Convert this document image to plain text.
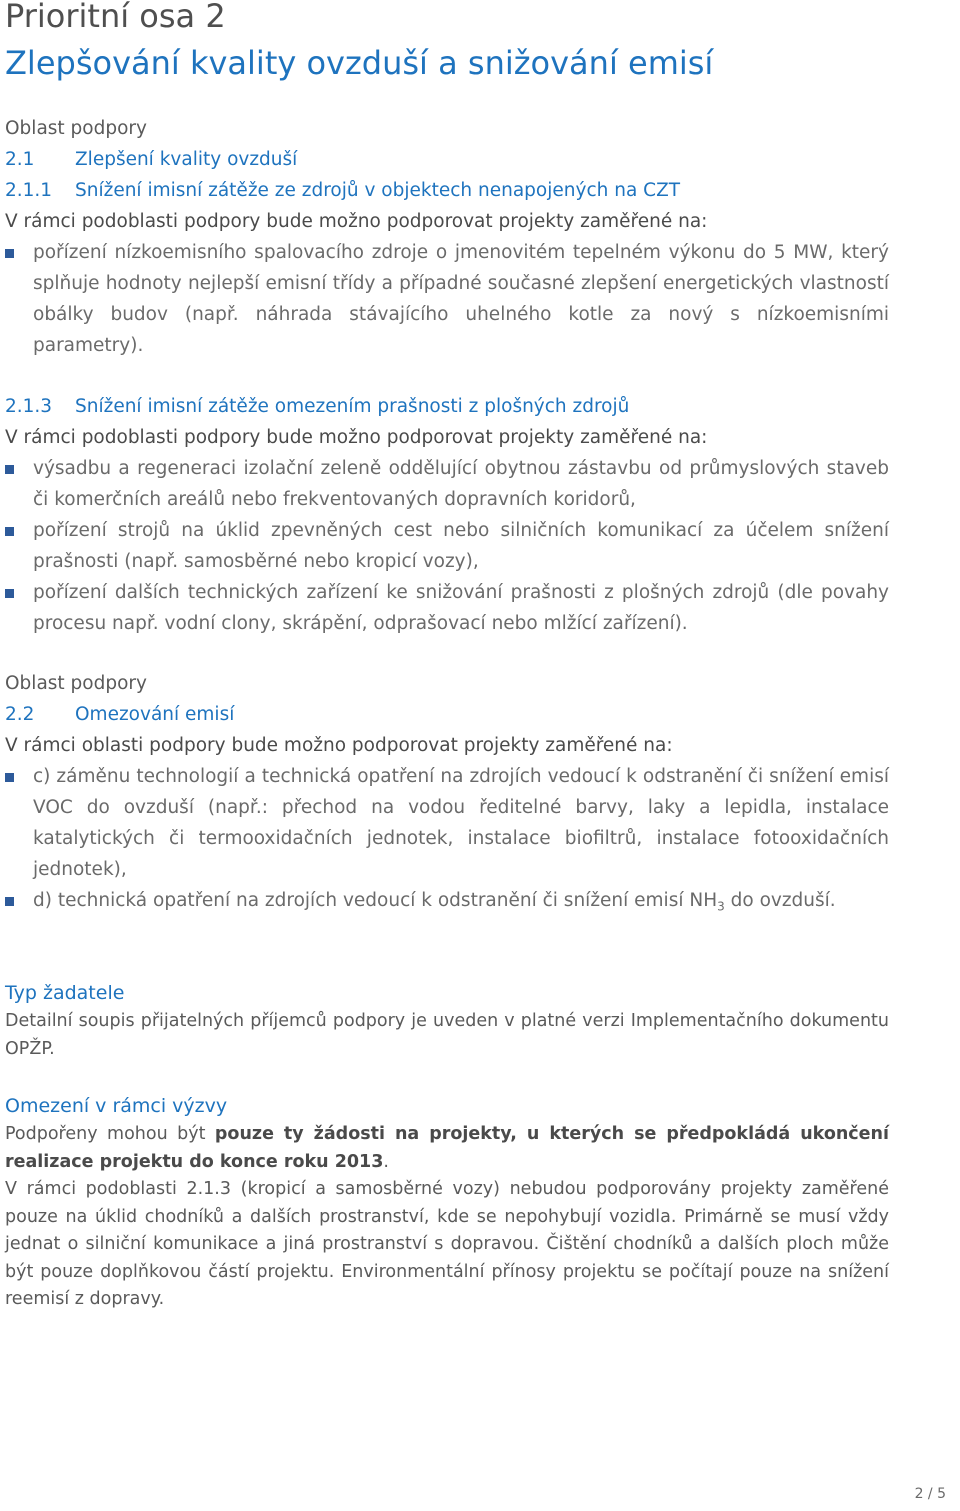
Prioritní osa 2
Zlepšování kvality ovzduší a snižování emisí
Oblast podpory
2.1 Zlepšení kvality ovzduší
2.1.1 Snížení imisní zátěže ze zdrojů v objektech nenapojených na CZT
V rámci podoblasti podpory bude možno podporovat projekty zaměřené na:
pořízení nízkoemisního spalovacího zdroje o jmenovitém tepelném výkonu do 5 MW, který splňuje hodnoty nejlepší emisní třídy a případné současné zlepšení energetických vlastností obálky budov (např. náhrada stávajícího uhelného kotle za nový s nízkoemisními parametry).
2.1.3 Snížení imisní zátěže omezením prašnosti z plošných zdrojů
V rámci podoblasti podpory bude možno podporovat projekty zaměřené na:
výsadbu a regeneraci izolační zeleně oddělující obytnou zástavbu od průmyslových staveb či komerčních areálů nebo frekventovaných dopravních koridorů,
pořízení strojů na úklid zpevněných cest nebo silničních komunikací za účelem snížení prašnosti (např. samosběrné nebo kropicí vozy),
pořízení dalších technických zařízení ke snižování prašnosti z plošných zdrojů (dle povahy procesu např. vodní clony, skrápění, odprašovací nebo mlžící zařízení).
Oblast podpory
2.2 Omezování emisí
V rámci oblasti podpory bude možno podporovat projekty zaměřené na:
c) záměnu technologií a technická opatření na zdrojích vedoucí k odstranění či snížení emisí VOC do ovzduší (např.: přechod na vodou ředitelné barvy, laky a lepidla, instalace katalytických či termooxidačních jednotek, instalace biofiltrů, instalace fotooxidačních jednotek),
d) technická opatření na zdrojích vedoucí k odstranění či snížení emisí $NH_3$ do ovzduší.
Typ žadatele
Detailní soupis přijatelných příjemců podpory je uveden v platné verzi Implementačního dokumentu OPŽP.
Omezení v rámci výzvy
Podpořeny mohou být pouze ty žádosti na projekty, u kterých se předpokládá ukončení realizace projektu do konce roku 2013.
V rámci podoblasti 2.1.3 (kropicí a samosběrné vozy) nebudou podporovány projekty zaměřené pouze na úklid chodníků a dalších prostranství, kde se nepohybují vozidla. Primárně se musí vždy jednat o silniční komunikace a jiná prostranství s dopravou. Čištění chodníků a dalších ploch může být pouze doplňkovou částí projektu. Environmentální přínosy projektu se počítají pouze na snížení reemisí z dopravy.
2 / 5
